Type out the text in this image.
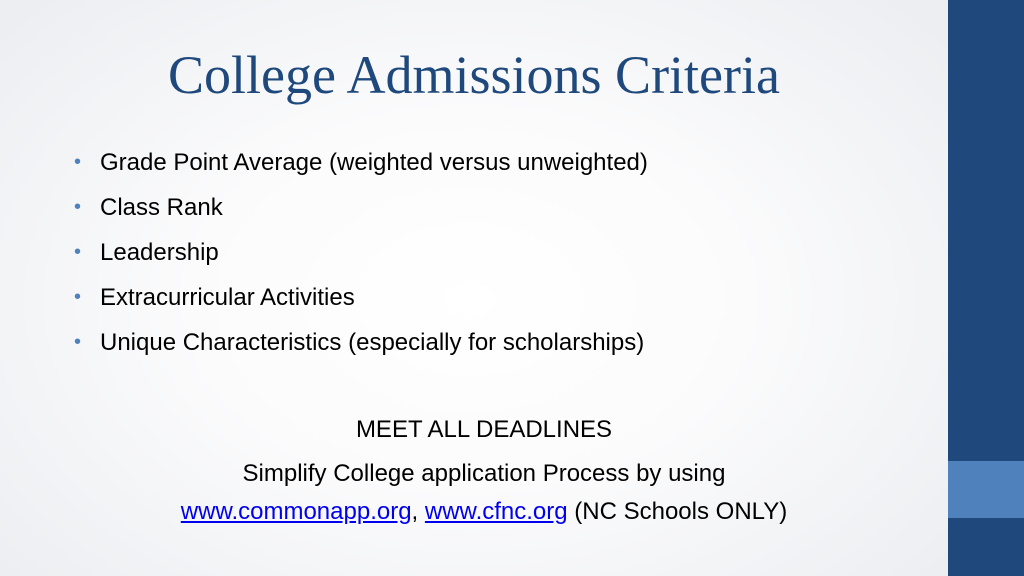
College Admissions Criteria
• Grade Point Average (weighted versus unweighted)
• Class Rank
• Leadership
• Extracurricular Activities
• Unique Characteristics (especially for scholarships)
MEET ALL DEADLINES
Simplify College application Process by using
www.commonapp.org, www.cfnc.org (NC Schools ONLY)
